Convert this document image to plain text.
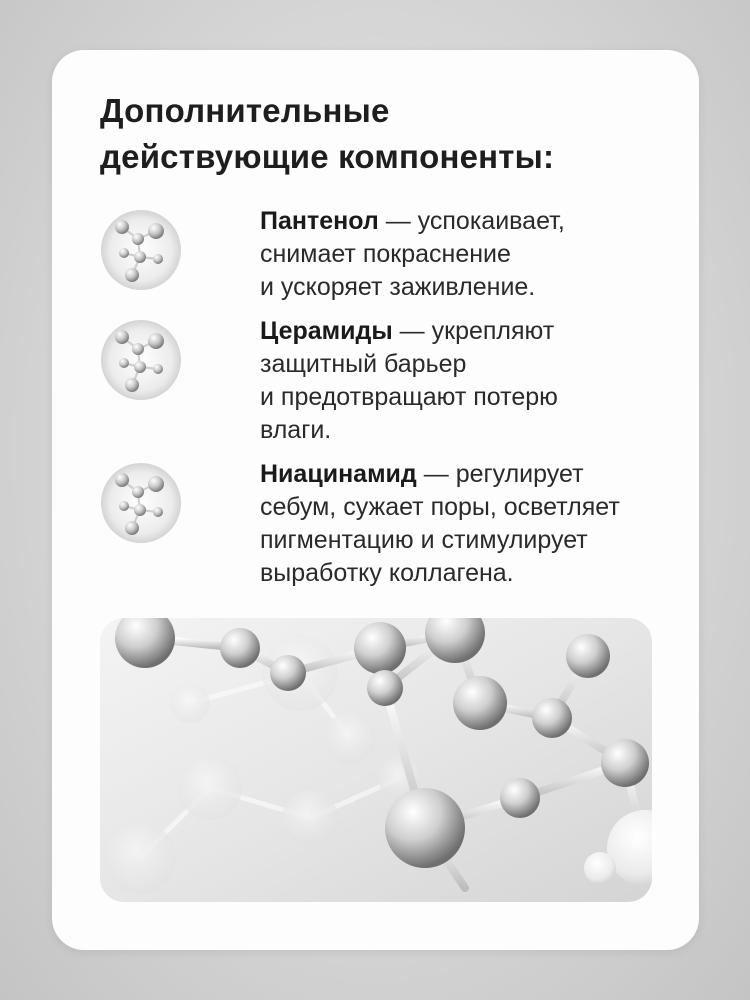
Дополнительные
действующие компоненты:
Пантенол — успокаивает,
снимает покраснение
и ускоряет заживление.
Церамиды — укрепляют
защитный барьер
и предотвращают потерю
влаги.
Ниацинамид — регулирует
себум, сужает поры, осветляет
пигментацию и стимулирует
выработку коллагена.
